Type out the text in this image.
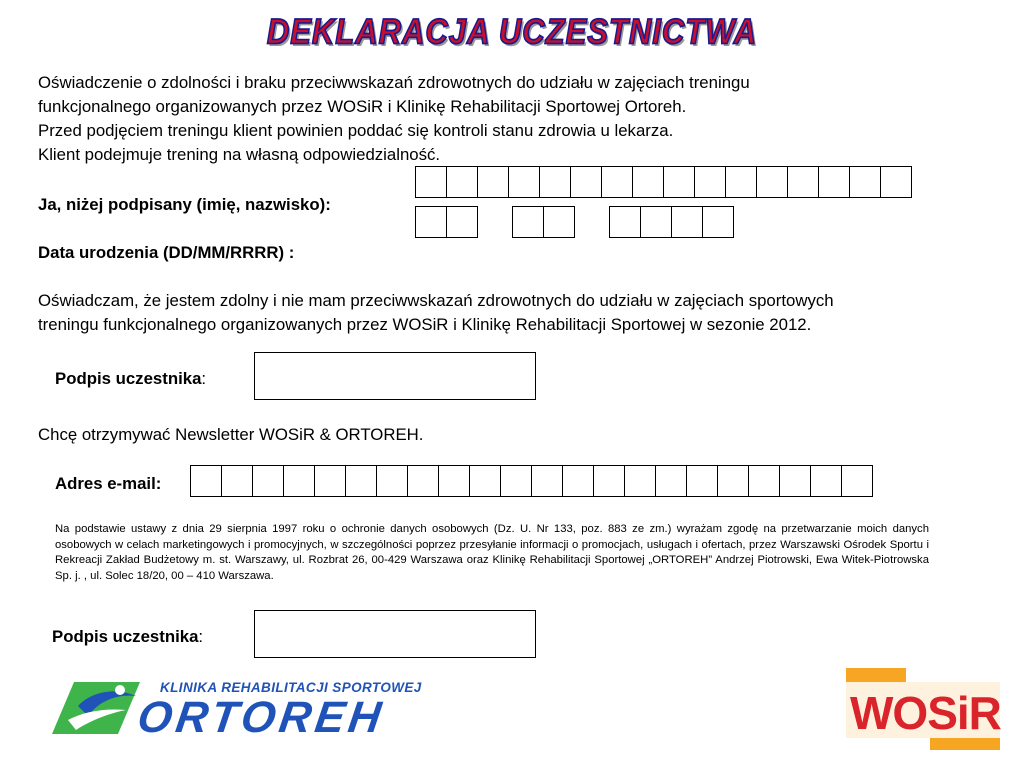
DEKLARACJA UCZESTNICTWA
Oświadczenie o zdolności i braku przeciwwskazań zdrowotnych do udziału w zajęciach treningu
funkcjonalnego organizowanych przez WOSiR i Klinikę Rehabilitacji Sportowej Ortoreh.
Przed podjęciem treningu klient powinien poddać się kontroli stanu zdrowia u lekarza.
Klient podejmuje trening na własną odpowiedzialność.
Ja, niżej podpisany (imię, nazwisko):
Data urodzenia (DD/MM/RRRR) :
Oświadczam, że jestem zdolny i nie mam przeciwwskazań zdrowotnych do udziału w zajęciach sportowych
treningu funkcjonalnego organizowanych przez WOSiR i Klinikę Rehabilitacji Sportowej w sezonie 2012.
Podpis uczestnika:
Chcę otrzymywać Newsletter WOSiR & ORTOREH.
Adres e-mail:
Na podstawie ustawy z dnia 29 sierpnia 1997 roku o ochronie danych osobowych (Dz. U. Nr 133, poz. 883 ze zm.) wyrażam zgodę na przetwarzanie moich danych osobowych w celach marketingowych i promocyjnych, w szczególności poprzez przesyłanie informacji o promocjach, usługach i ofertach, przez Warszawski Ośrodek Sportu i Rekreacji Zakład Budżetowy m. st. Warszawy, ul. Rozbrat 26, 00-429 Warszawa oraz Klinikę Rehabilitacji Sportowej „ORTOREH” Andrzej Piotrowski, Ewa Witek-Piotrowska Sp. j. , ul. Solec 18/20, 00 – 410 Warszawa.
Podpis uczestnika:
KLINIKA REHABILITACJI SPORTOWEJ
ORTOREH	WOSiR
